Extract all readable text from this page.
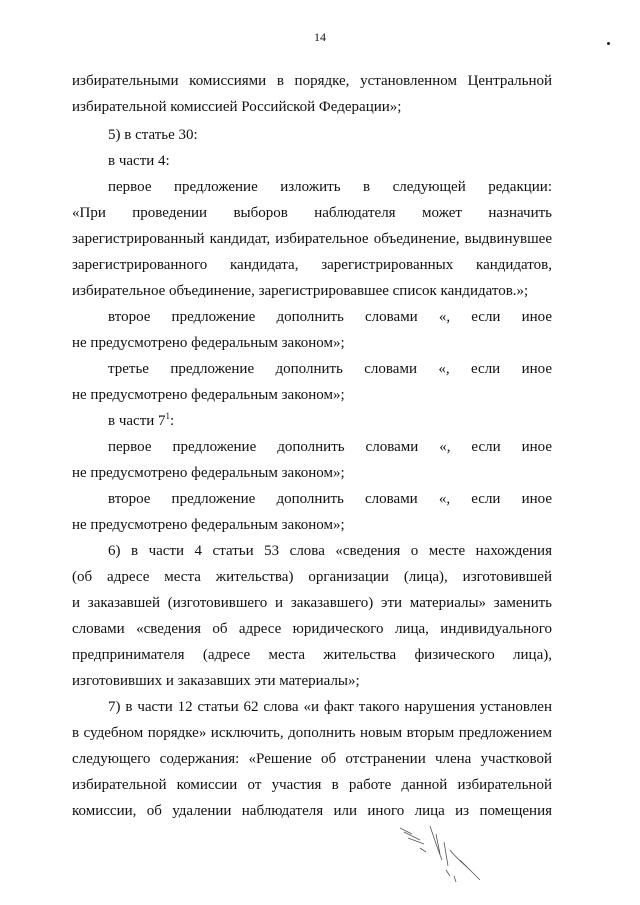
14
избирательными комиссиями в порядке, установленном Центральной
избирательной комиссией Российской Федерации»;
5) в статье 30:
в части 4:
первое предложение изложить в следующей редакции:
«При проведении выборов наблюдателя может назначить
зарегистрированный кандидат, избирательное объединение, выдвинувшее
зарегистрированного кандидата, зарегистрированных кандидатов,
избирательное объединение, зарегистрировавшее список кандидатов.»;
второе предложение дополнить словами «, если иное
не предусмотрено федеральным законом»;
третье предложение дополнить словами «, если иное
не предусмотрено федеральным законом»;
в части $7^1$:
первое предложение дополнить словами «, если иное
не предусмотрено федеральным законом»;
второе предложение дополнить словами «, если иное
не предусмотрено федеральным законом»;
6) в части 4 статьи 53 слова «сведения о месте нахождения
(об адресе места жительства) организации (лица), изготовившей
и заказавшей (изготовившего и заказавшего) эти материалы» заменить
словами «сведения об адресе юридического лица, индивидуального
предпринимателя (адресе места жительства физического лица),
изготовивших и заказавших эти материалы»;
7) в части 12 статьи 62 слова «и факт такого нарушения установлен
в судебном порядке» исключить, дополнить новым вторым предложением
следующего содержания: «Решение об отстранении члена участковой
избирательной комиссии от участия в работе данной избирательной
комиссии, об удалении наблюдателя или иного лица из помещения
